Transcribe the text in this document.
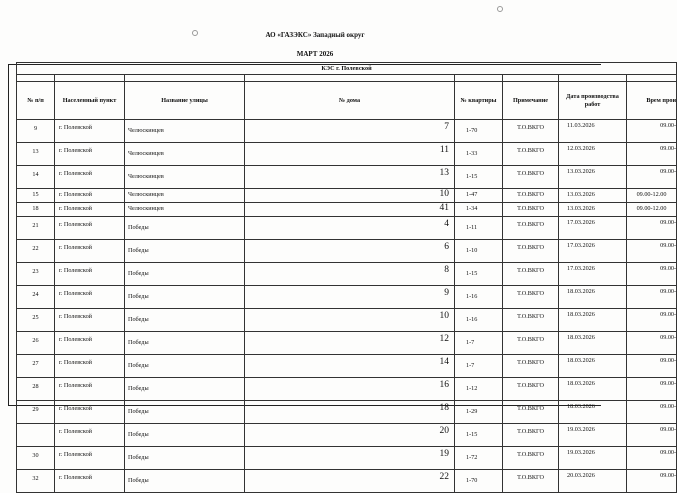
АО «ГАЗЭКС» Западный округ
МАРТ 2026
КЭС г. Полевской							

№ п/п	Населенный пункт	Название улицы	№ дома	№ квартиры	Примечание	Дата производства работ	Врем прои
9	г. Полевской	Челюскинцев	7	1-70	Т.О.ВКГО	11.03.2026	09.00-
13	г. Полевской	Челюскинцев	11	1-33	Т.О.ВКГО	12.03.2026	09.00-
14	г. Полевской	Челюскинцев	13	1-15	Т.О.ВКГО	13.03.2026	09.00-
15	г. Полевской	Челюскинцев	10	1-47	Т.О.ВКГО	13.03.2026	09.00-12.00
18	г. Полевской	Челюскинцев	41	1-34	Т.О.ВКГО	13.03.2026	09.00-12.00
21	г. Полевской	Победы	4	1-11	Т.О.ВКГО	17.03.2026	09.00-
22	г. Полевской	Победы	6	1-10	Т.О.ВКГО	17.03.2026	09.00-
23	г. Полевской	Победы	8	1-15	Т.О.ВКГО	17.03.2026	09.00-
24	г. Полевской	Победы	9	1-16	Т.О.ВКГО	18.03.2026	09.00-
25	г. Полевской	Победы	10	1-16	Т.О.ВКГО	18.03.2026	09.00-
26	г. Полевской	Победы	12	1-7	Т.О.ВКГО	18.03.2026	09.00-
27	г. Полевской	Победы	14	1-7	Т.О.ВКГО	18.03.2026	09.00-
28	г. Полевской	Победы	16	1-12	Т.О.ВКГО	18.03.2026	09.00-
29	г. Полевской	Победы	18	1-29	Т.О.ВКГО	18.03.2026	09.00-
	г. Полевской	Победы	20	1-15	Т.О.ВКГО	19.03.2026	09.00-
30	г. Полевской	Победы	19	1-72	Т.О.ВКГО	19.03.2026	09.00-
32	г. Полевской	Победы	22	1-70	Т.О.ВКГО	20.03.2026	09.00-
